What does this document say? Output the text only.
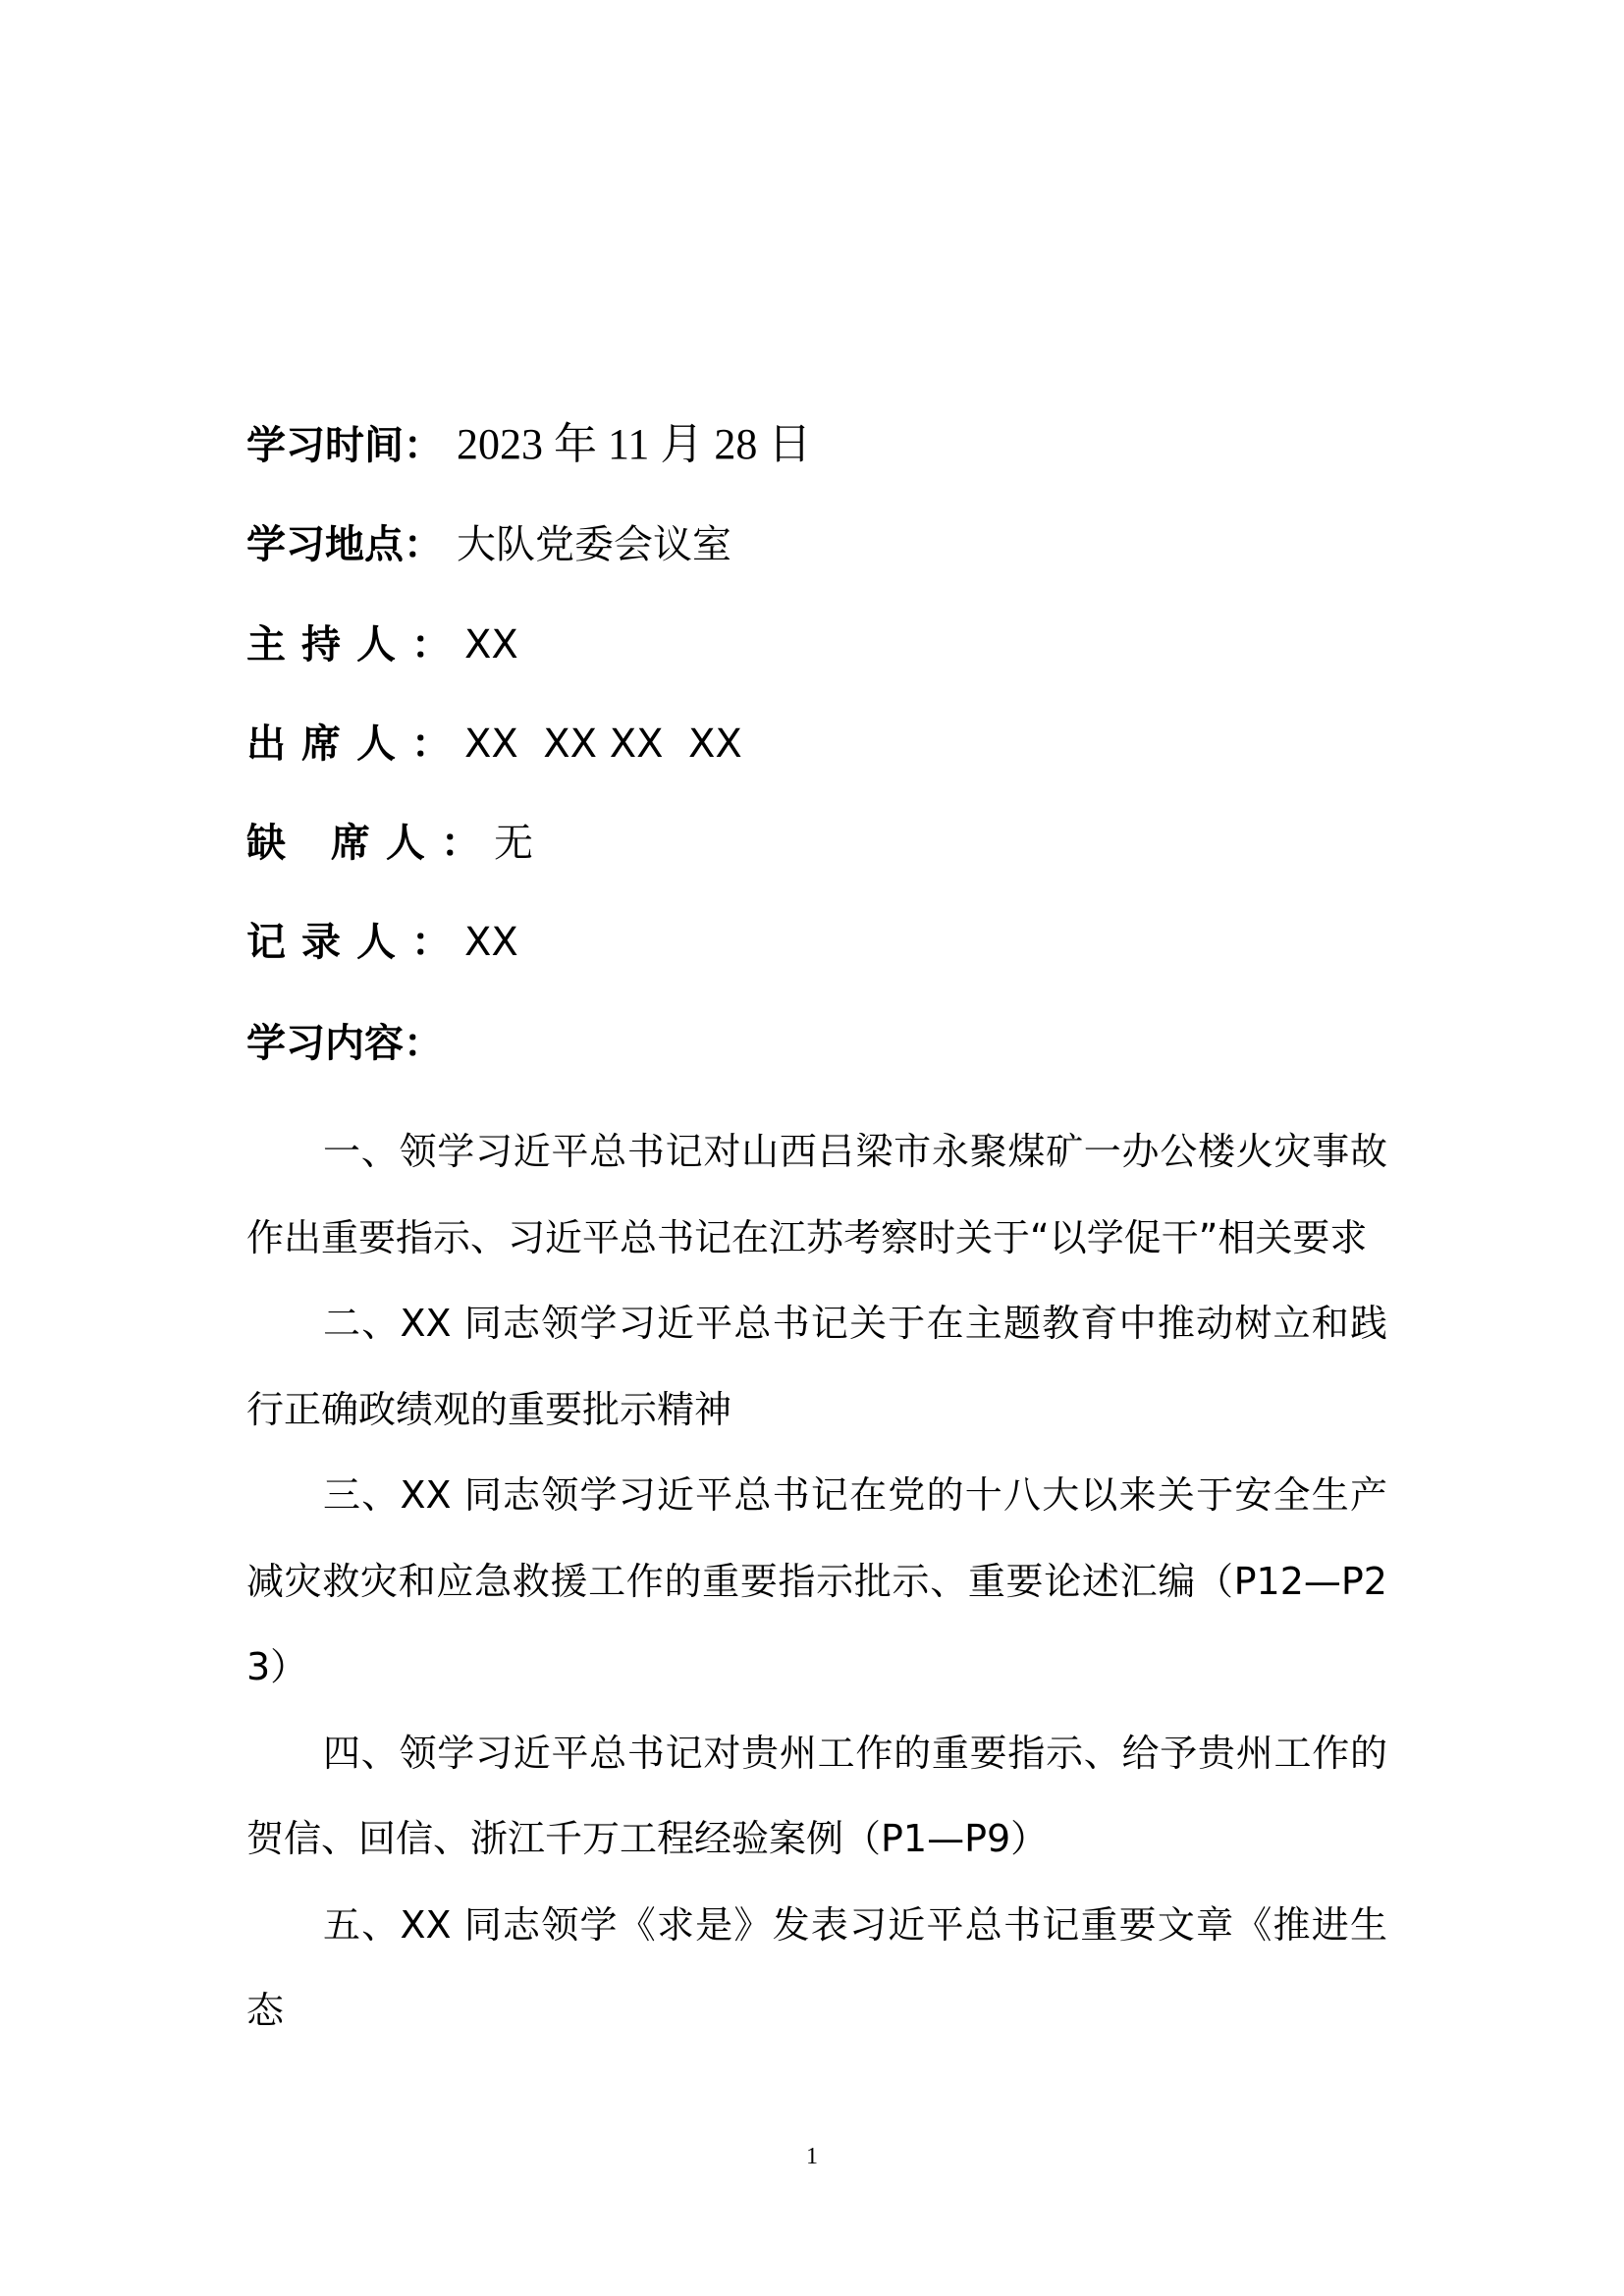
学习时间： 2023 年 11 月 28 日
学习地点： 大队党委会议室
主持人： XX
出席人： XX  XX XX  XX
缺 席人： 无
记录人： XX
学习内容：

一、领学习近平总书记对山西吕梁市永聚煤矿一办公楼火灾事故作出重要指示、习近平总书记在江苏考察时关于“以学促干”相关要求

二、XX 同志领学习近平总书记关于在主题教育中推动树立和践行正确政绩观的重要批示精神

三、XX 同志领学习近平总书记在党的十八大以来关于安全生产减灾救灾和应急救援工作的重要指示批示、重要论述汇编（P12—P23）

四、领学习近平总书记对贵州工作的重要指示、给予贵州工作的贺信、回信、浙江千万工程经验案例（P1—P9）

五、XX 同志领学《求是》发表习近平总书记重要文章《推进生态

1
